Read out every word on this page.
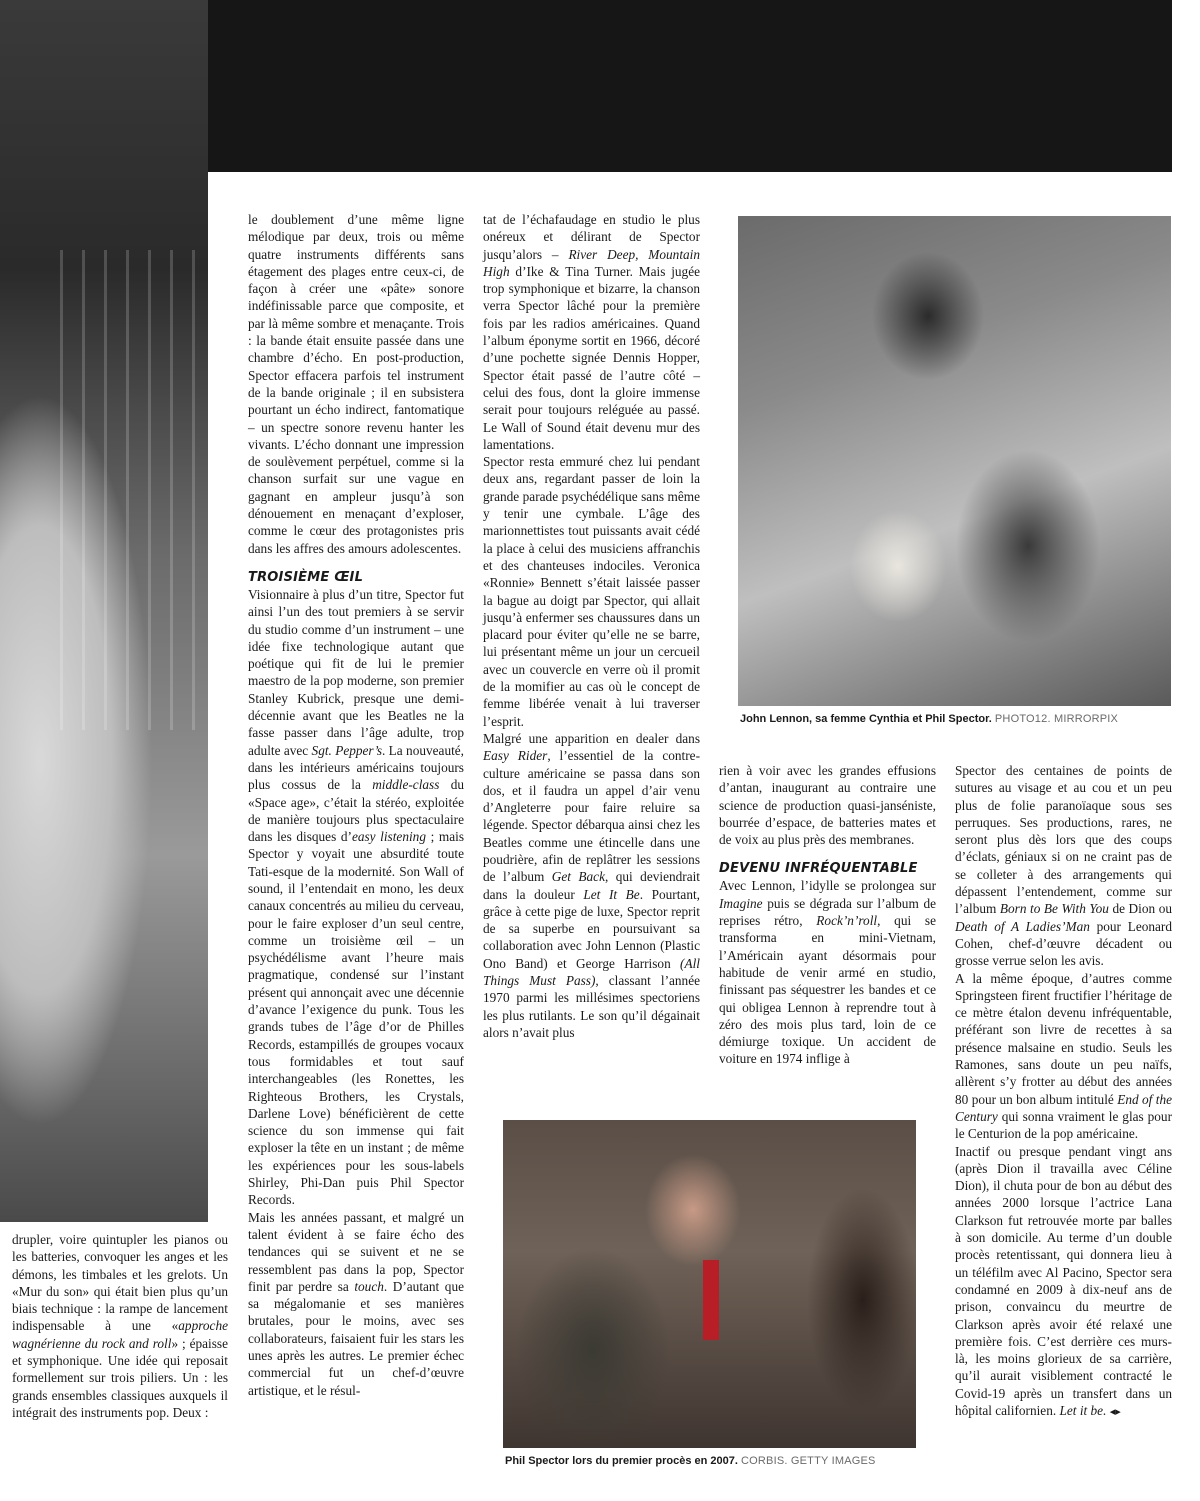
John Lennon, sa femme Cynthia et Phil Spector. PHOTO12. MIRRORPIX
Phil Spector lors du premier procès en 2007. CORBIS. GETTY IMAGES

drupler, voire quintupler les pianos ou les batteries, convoquer les anges et les démons, les timbales et les grelots. Un «Mur du son» qui était bien plus qu’un biais technique : la rampe de lancement indispensable à une «approche wagnérienne du rock and roll» ; épaisse et symphonique. Une idée qui reposait formellement sur trois piliers. Un : les grands ensembles classiques auxquels il intégrait des instruments pop. Deux :

le doublement d’une même ligne mélodique par deux, trois ou même quatre instruments différents sans étagement des plages entre ceux-ci, de façon à créer une «pâte» sonore indéfinissable parce que composite, et par là même sombre et menaçante. Trois : la bande était ensuite passée dans une chambre d’écho. En post-production, Spector effacera parfois tel instrument de la bande originale ; il en subsistera pourtant un écho indirect, fantomatique – un spectre sonore revenu hanter les vivants. L’écho donnant une impression de soulèvement perpétuel, comme si la chanson surfait sur une vague en gagnant en ampleur jusqu’à son dénouement en menaçant d’exploser, comme le cœur des protagonistes pris dans les affres des amours adolescentes.

TROISIÈME ŒIL

Visionnaire à plus d’un titre, Spector fut ainsi l’un des tout premiers à se servir du studio comme d’un instrument – une idée fixe technologique autant que poétique qui fit de lui le premier maestro de la pop moderne, son premier Stanley Kubrick, presque une demi-décennie avant que les Beatles ne la fasse passer dans l’âge adulte, trop adulte avec Sgt. Pepper’s. La nouveauté, dans les intérieurs américains toujours plus cossus de la middle-class du «Space age», c’était la stéréo, exploitée de manière toujours plus spectaculaire dans les disques d’easy listening ; mais Spector y voyait une absurdité toute Tati-esque de la modernité. Son Wall of sound, il l’entendait en mono, les deux canaux concentrés au milieu du cerveau, pour le faire exploser d’un seul centre, comme un troisième œil – un psychédélisme avant l’heure mais pragmatique, condensé sur l’instant présent qui annonçait avec une décennie d’avance l’exigence du punk. Tous les grands tubes de l’âge d’or de Philles Records, estampillés de groupes vocaux tous formidables et tout sauf interchangeables (les Ronettes, les Righteous Brothers, les Crystals, Darlene Love) bénéficièrent de cette science du son immense qui fait exploser la tête en un instant ; de même les expériences pour les sous-labels Shirley, Phi-Dan puis Phil Spector Records.

Mais les années passant, et malgré un talent évident à se faire écho des tendances qui se suivent et ne se ressemblent pas dans la pop, Spector finit par perdre sa touch. D’autant que sa mégalomanie et ses manières brutales, pour le moins, avec ses collaborateurs, faisaient fuir les stars les unes après les autres. Le premier échec commercial fut un chef-d’œuvre artistique, et le résul-

tat de l’échafaudage en studio le plus onéreux et délirant de Spector jusqu’alors – River Deep, Mountain High d’Ike & Tina Turner. Mais jugée trop symphonique et bizarre, la chanson verra Spector lâché pour la première fois par les radios américaines. Quand l’album éponyme sortit en 1966, décoré d’une pochette signée Dennis Hopper, Spector était passé de l’autre côté – celui des fous, dont la gloire immense serait pour toujours reléguée au passé. Le Wall of Sound était devenu mur des lamentations.

Spector resta emmuré chez lui pendant deux ans, regardant passer de loin la grande parade psychédélique sans même y tenir une cymbale. L’âge des marionnettistes tout puissants avait cédé la place à celui des musiciens affranchis et des chanteuses indociles. Veronica «Ronnie» Bennett s’était laissée passer la bague au doigt par Spector, qui allait jusqu’à enfermer ses chaussures dans un placard pour éviter qu’elle ne se barre, lui présentant même un jour un cercueil avec un couvercle en verre où il promit de la momifier au cas où le concept de femme libérée venait à lui traverser l’esprit.

Malgré une apparition en dealer dans Easy Rider, l’essentiel de la contre-culture américaine se passa dans son dos, et il faudra un appel d’air venu d’Angleterre pour faire reluire sa légende. Spector débarqua ainsi chez les Beatles comme une étincelle dans une poudrière, afin de replâtrer les sessions de l’album Get Back, qui deviendrait dans la douleur Let It Be. Pourtant, grâce à cette pige de luxe, Spector reprit de sa superbe en poursuivant sa collaboration avec John Lennon (Plastic Ono Band) et George Harrison (All Things Must Pass), classant l’année 1970 parmi les millésimes spectoriens les plus rutilants. Le son qu’il dégainait alors n’avait plus

rien à voir avec les grandes effusions d’antan, inaugurant au contraire une science de production quasi-janséniste, bourrée d’espace, de batteries mates et de voix au plus près des membranes.

DEVENU INFRÉQUENTABLE

Avec Lennon, l’idylle se prolongea sur Imagine puis se dégrada sur l’album de reprises rétro, Rock’n’roll, qui se transforma en mini-Vietnam, l’Américain ayant désormais pour habitude de venir armé en studio, finissant pas séquestrer les bandes et ce qui obligea Lennon à reprendre tout à zéro des mois plus tard, loin de ce démiurge toxique. Un accident de voiture en 1974 inflige à

Spector des centaines de points de sutures au visage et au cou et un peu plus de folie paranoïaque sous ses perruques. Ses productions, rares, ne seront plus dès lors que des coups d’éclats, géniaux si on ne craint pas de se colleter à des arrangements qui dépassent l’entendement, comme sur l’album Born to Be With You de Dion ou Death of A Ladies’Man pour Leonard Cohen, chef-d’œuvre décadent ou grosse verrue selon les avis.

A la même époque, d’autres comme Springsteen firent fructifier l’héritage de ce mètre étalon devenu infréquentable, préférant son livre de recettes à sa présence malsaine en studio. Seuls les Ramones, sans doute un peu naïfs, allèrent s’y frotter au début des années 80 pour un bon album intitulé End of the Century qui sonna vraiment le glas pour le Centurion de la pop américaine.

Inactif ou presque pendant vingt ans (après Dion il travailla avec Céline Dion), il chuta pour de bon au début des années 2000 lorsque l’actrice Lana Clarkson fut retrouvée morte par balles à son domicile. Au terme d’un double procès retentissant, qui donnera lieu à un téléfilm avec Al Pacino, Spector sera condamné en 2009 à dix-neuf ans de prison, convaincu du meurtre de Clarkson après avoir été relaxé une première fois. C’est derrière ces murs-là, les moins glorieux de sa carrière, qu’il aurait visiblement contracté le Covid-19 après un transfert dans un hôpital californien. Let it be. ◂▸
